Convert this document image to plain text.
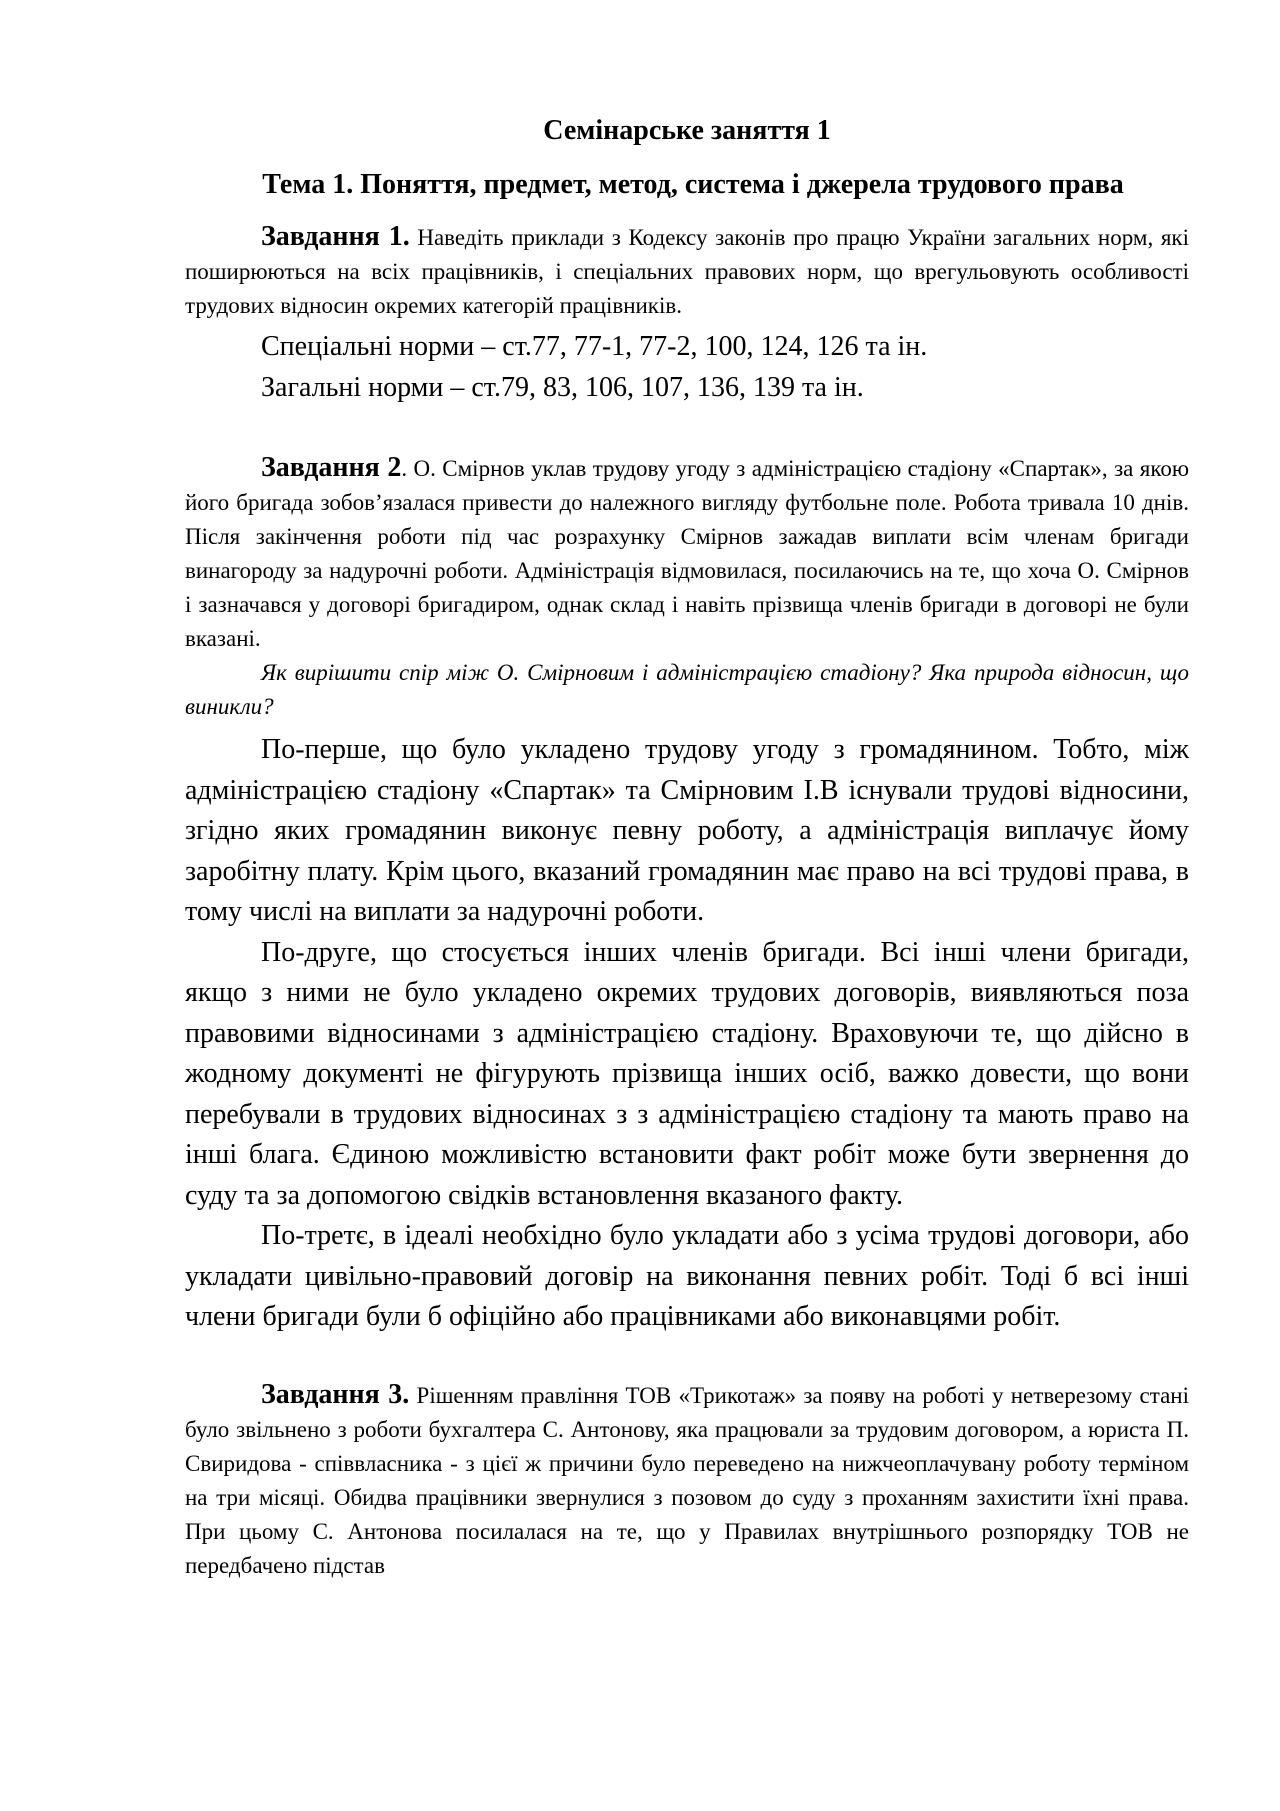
Семінарське заняття 1
Тема 1. Поняття, предмет, метод, система і джерела трудового права

Завдання 1. Наведіть приклади з Кодексу законів про працю України загальних норм, які поширюються на всіх працівників, і спеціальних правових норм, що врегульовують особливості трудових відносин окремих категорій працівників.

Спеціальні норми – ст.77, 77-1, 77-2, 100, 124, 126 та ін.

Загальні норми – ст.79, 83, 106, 107, 136, 139 та ін.

Завдання 2. О. Смірнов уклав трудову угоду з адміністрацією стадіону «Спартак», за якою його бригада зобов’язалася привести до належного вигляду футбольне поле. Робота тривала 10 днів. Після закінчення роботи під час розрахунку Смірнов зажадав виплати всім членам бригади винагороду за надурочні роботи. Адміністрація відмовилася, посилаючись на те, що хоча О. Смірнов і зазначався у договорі бригадиром, однак склад і навіть прізвища членів бригади в договорі не були вказані.

Як вирішити спір між О. Смірновим і адміністрацією стадіону? Яка природа відносин, що виникли?

По-перше, що було укладено трудову угоду з громадянином. Тобто, між адміністрацією стадіону «Спартак» та Смірновим І.В існували трудові відносини, згідно яких громадянин виконує певну роботу, а адміністрація виплачує йому заробітну плату. Крім цього, вказаний громадянин має право на всі трудові права, в тому числі на виплати за надурочні роботи.

По-друге, що стосується інших членів бригади. Всі інші члени бригади, якщо з ними не було укладено окремих трудових договорів, виявляються поза правовими відносинами з адміністрацією стадіону. Враховуючи те, що дійсно в жодному документі не фігурують прізвища інших осіб, важко довести, що вони перебували в трудових відносинах з з адміністрацією стадіону та мають право на інші блага. Єдиною можливістю встановити факт робіт може бути звернення до суду та за допомогою свідків встановлення вказаного факту.

По-третє, в ідеалі необхідно було укладати або з усіма трудові договори, або укладати цивільно-правовий договір на виконання певних робіт. Тоді б всі інші члени бригади були б офіційно або працівниками або виконавцями робіт.

Завдання 3. Рішенням правління ТОВ «Трикотаж» за появу на роботі у нетверезому стані було звільнено з роботи бухгалтера С. Антонову, яка працювали за трудовим договором, а юриста П. Свиридова - співвласника - з цієї ж причини було переведено на нижчеоплачувану роботу терміном на три місяці. Обидва працівники звернулися з позовом до суду з проханням захистити їхні права. При цьому С. Антонова посилалася на те, що у Правилах внутрішнього розпорядку ТОВ не передбачено підстав
